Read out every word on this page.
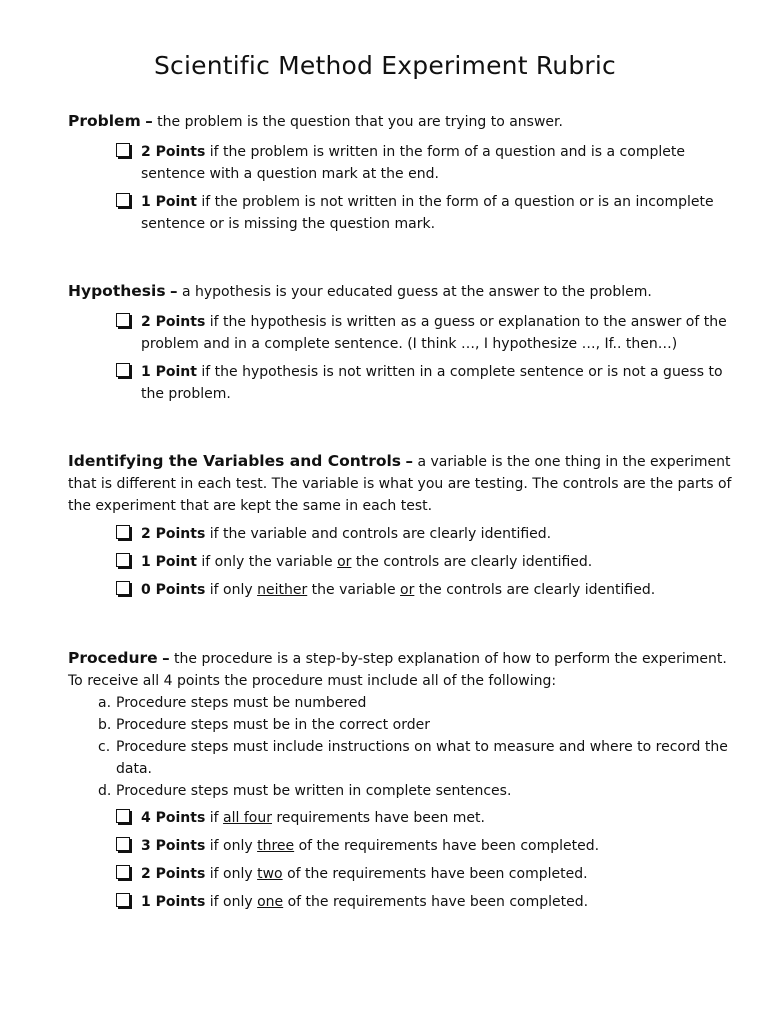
Scientific Method Experiment Rubric
Problem – the problem is the question that you are trying to answer.
2 Points if the problem is written in the form of a question and is a complete sentence with a question mark at the end.
1 Point if the problem is not written in the form of a question or is an incomplete sentence or is missing the question mark.
Hypothesis – a hypothesis is your educated guess at the answer to the problem.
2 Points if the hypothesis is written as a guess or explanation to the answer of the problem and in a complete sentence. (I think …, I hypothesize …, If.. then…)
1 Point if the hypothesis is not written in a complete sentence or is not a guess to the problem.
Identifying the Variables and Controls – a variable is the one thing in the experiment that is different in each test. The variable is what you are testing. The controls are the parts of the experiment that are kept the same in each test.
2 Points if the variable and controls are clearly identified.
1 Point if only the variable or the controls are clearly identified.
0 Points if only neither the variable or the controls are clearly identified.
Procedure – the procedure is a step-by-step explanation of how to perform the experiment. To receive all 4 points the procedure must include all of the following:
a. Procedure steps must be numbered
b. Procedure steps must be in the correct order
c. Procedure steps must include instructions on what to measure and where to record the data.
d. Procedure steps must be written in complete sentences.
4 Points if all four requirements have been met.
3 Points if only three of the requirements have been completed.
2 Points if only two of the requirements have been completed.
1 Points if only one of the requirements have been completed.
